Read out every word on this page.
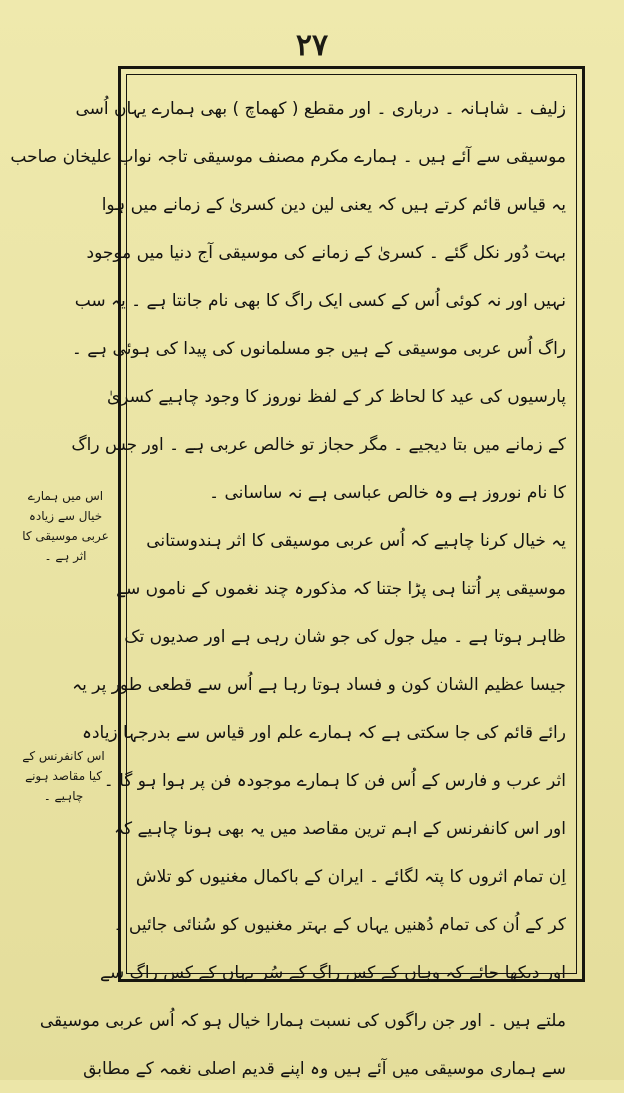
۲۷
اس میں ہمارے
خیال سے زیادہ
عربی موسیقی کا
اثر ہے ۔
اس کانفرنس کے
کیا مقاصد ہونے
چاہیے ۔
زلیف ۔ شاہانہ ۔ درباری ۔ اور مقطع ( کھماچ ) بھی ہمارے یہاں اُسی
موسیقی سے آئے ہیں ۔ ہمارے مکرم مصنف موسیقی تاجہ نواب علیخان صاحب
یہ قیاس قائم کرتے ہیں کہ یعنی لین دین کسریٰ کے زمانے میں ہوا
بہت دُور نکل گئے ۔ کسریٰ کے زمانے کی موسیقی آج دنیا میں موجود
نہیں اور نہ کوئی اُس کے کسی ایک راگ کا بھی نام جانتا ہے ۔ یہ سب
راگ اُس عربی موسیقی کے ہیں جو مسلمانوں کی پیدا کی ہوئی ہے ۔
پارسیوں کی عید کا لحاظ کر کے لفظ نوروز کا وجود چاہیے کسریٰ
کے زمانے میں بتا دیجیے ۔ مگر حجاز تو خالص عربی ہے ۔ اور جس راگ
کا نام نوروز ہے وہ خالص عباسی ہے نہ ساسانی ۔
یہ خیال کرنا چاہیے کہ اُس عربی موسیقی کا اثر ہندوستانی
موسیقی پر اُتنا ہی پڑا جتنا کہ مذکورہ چند نغموں کے ناموں سے
ظاہر ہوتا ہے ۔ میل جول کی جو شان رہی ہے اور صدیوں تک
جیسا عظیم الشان کون و فساد ہوتا رہا ہے اُس سے قطعی طور پر یہ
رائے قائم کی جا سکتی ہے کہ ہمارے علم اور قیاس سے بدرجہا زیادہ
اثر عرب و فارس کے اُس فن کا ہمارے موجودہ فن پر ہوا ہو گا ۔
اور اس کانفرنس کے اہم ترین مقاصد میں یہ بھی ہونا چاہیے کہ
اِن تمام اثروں کا پتہ لگائے ۔ ایران کے باکمال مغنیوں کو تلاش
کر کے اُن کی تمام دُھنیں یہاں کے بہتر مغنیوں کو سُنائی جائیں ۔
اور دیکھا جائے کہ وہاں کے کس راگ کے سُر یہاں کے کس راگ سے
ملتے ہیں ۔ اور جن راگوں کی نسبت ہمارا خیال ہو کہ اُس عربی موسیقی
سے ہماری موسیقی میں آئے ہیں وہ اپنے قدیم اصلی نغمہ کے مطابق
